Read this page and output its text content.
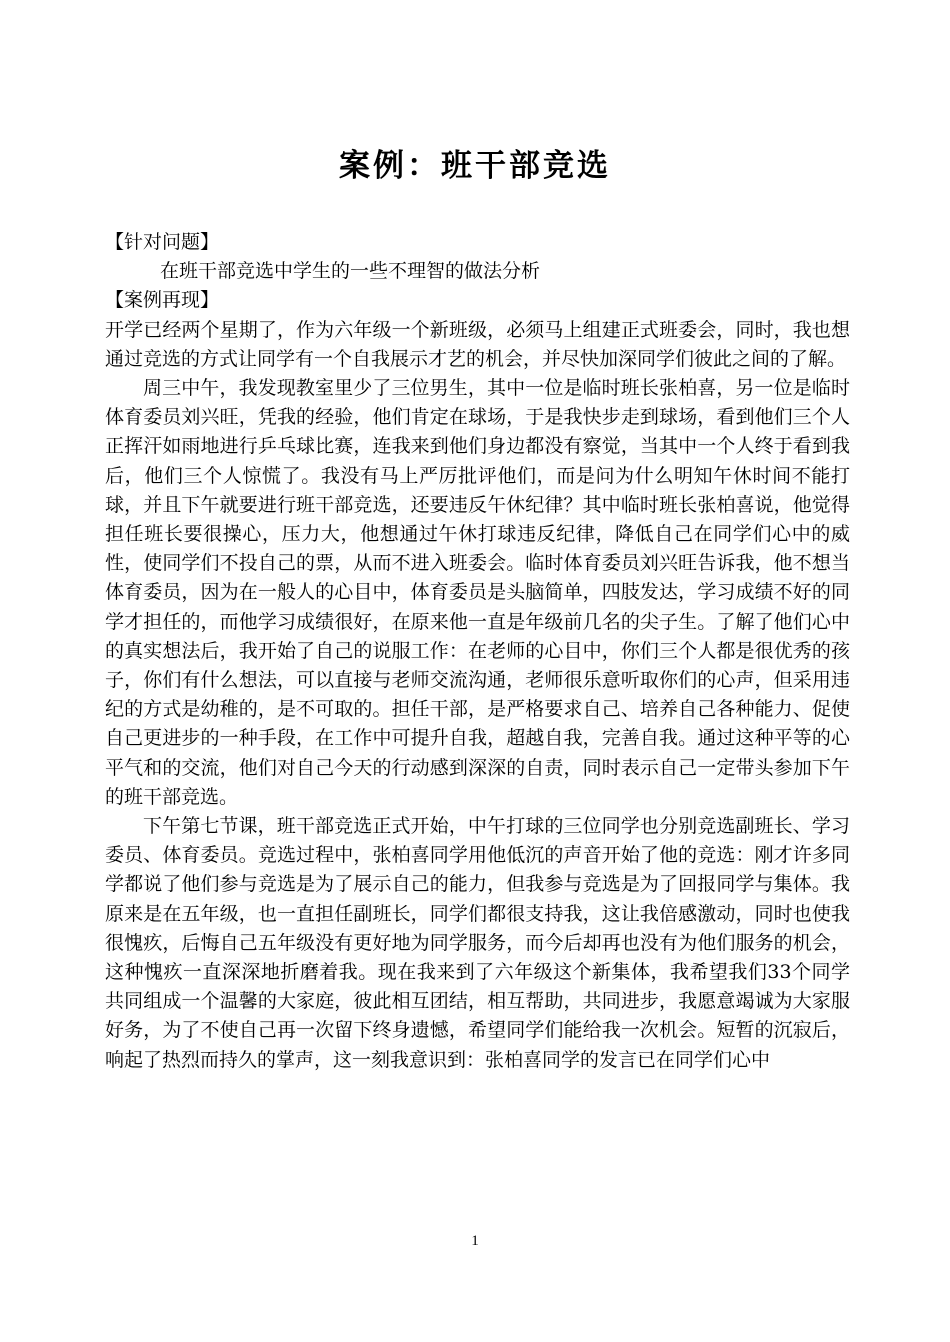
案例：班干部竞选
【针对问题】
在班干部竞选中学生的一些不理智的做法分析
【案例再现】

开学已经两个星期了，作为六年级一个新班级，必须马上组建正式班委会，同时，我也想通过竞选的方式让同学有一个自我展示才艺的机会，并尽快加深同学们彼此之间的了解。

周三中午，我发现教室里少了三位男生，其中一位是临时班长张柏喜，另一位是临时体育委员刘兴旺，凭我的经验，他们肯定在球场，于是我快步走到球场，看到他们三个人正挥汗如雨地进行乒乓球比赛，连我来到他们身边都没有察觉，当其中一个人终于看到我后，他们三个人惊慌了。我没有马上严厉批评他们，而是问为什么明知午休时间不能打球，并且下午就要进行班干部竞选，还要违反午休纪律？其中临时班长张柏喜说，他觉得担任班长要很操心，压力大，他想通过午休打球违反纪律，降低自己在同学们心中的威性，使同学们不投自己的票，从而不进入班委会。临时体育委员刘兴旺告诉我，他不想当体育委员，因为在一般人的心目中，体育委员是头脑简单，四肢发达，学习成绩不好的同学才担任的，而他学习成绩很好，在原来他一直是年级前几名的尖子生。了解了他们心中的真实想法后，我开始了自己的说服工作：在老师的心目中，你们三个人都是很优秀的孩子，你们有什么想法，可以直接与老师交流沟通，老师很乐意听取你们的心声，但采用违纪的方式是幼稚的，是不可取的。担任干部，是严格要求自己、培养自己各种能力、促使自己更进步的一种手段，在工作中可提升自我，超越自我，完善自我。通过这种平等的心平气和的交流，他们对自己今天的行动感到深深的自责，同时表示自己一定带头参加下午的班干部竞选。

下午第七节课，班干部竞选正式开始，中午打球的三位同学也分别竞选副班长、学习委员、体育委员。竞选过程中，张柏喜同学用他低沉的声音开始了他的竞选：刚才许多同学都说了他们参与竞选是为了展示自己的能力，但我参与竞选是为了回报同学与集体。我原来是在五年级，也一直担任副班长，同学们都很支持我，这让我倍感激动，同时也使我很愧疚，后悔自己五年级没有更好地为同学服务，而今后却再也没有为他们服务的机会，这种愧疚一直深深地折磨着我。现在我来到了六年级这个新集体，我希望我们33个同学共同组成一个温馨的大家庭，彼此相互团结，相互帮助，共同进步，我愿意竭诚为大家服好务，为了不使自己再一次留下终身遗憾，希望同学们能给我一次机会。短暂的沉寂后，响起了热烈而持久的掌声，这一刻我意识到：张柏喜同学的发言已在同学们心中

1
